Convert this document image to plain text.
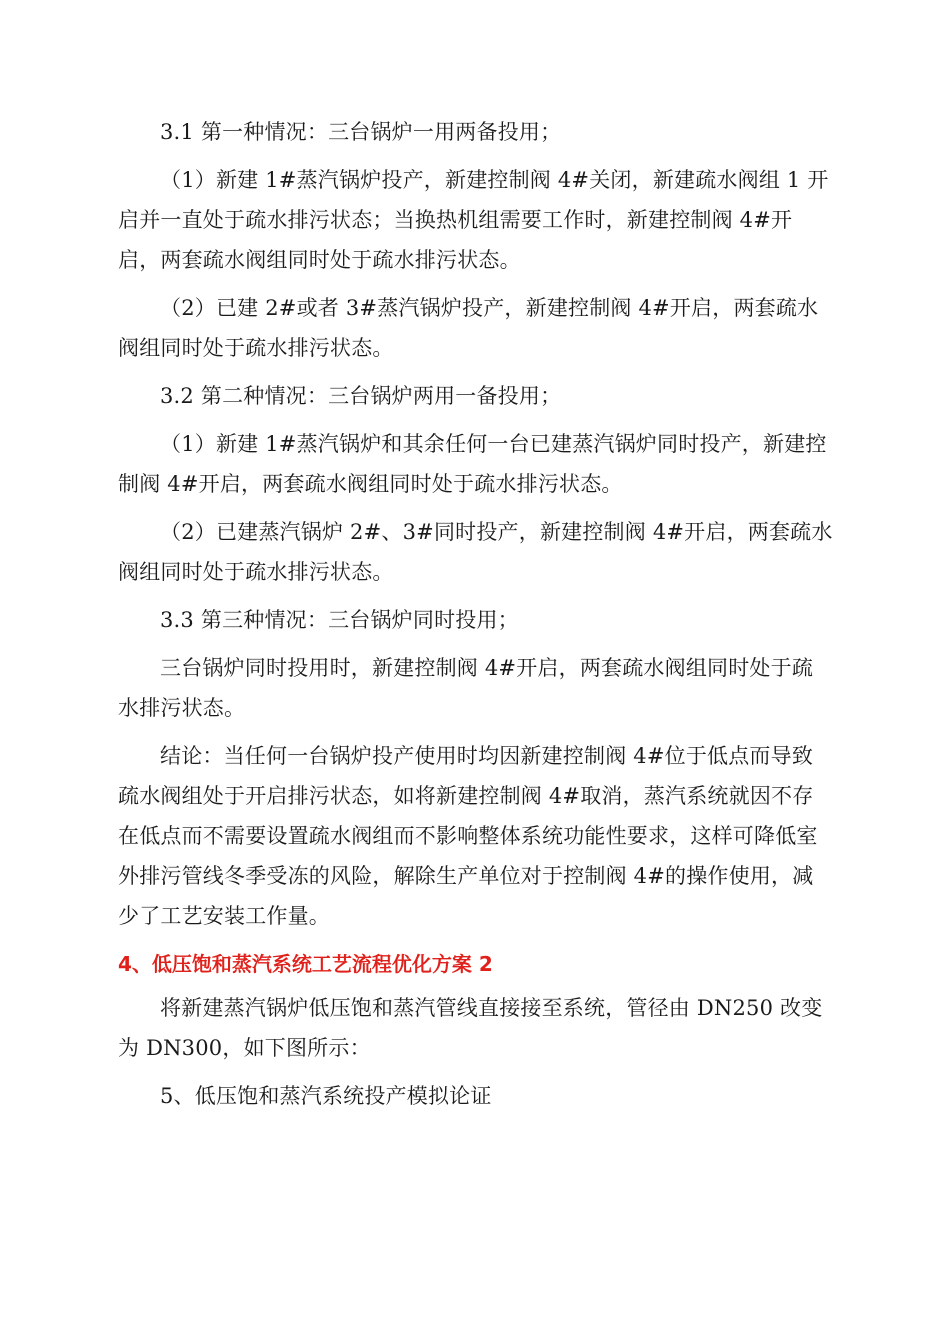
3.1 第一种情况：三台锅炉一用两备投用；

（1）新建 1#蒸汽锅炉投产，新建控制阀 4#关闭，新建疏水阀组 1 开启并一直处于疏水排污状态；当换热机组需要工作时，新建控制阀 4#开启，两套疏水阀组同时处于疏水排污状态。

（2）已建 2#或者 3#蒸汽锅炉投产，新建控制阀 4#开启，两套疏水阀组同时处于疏水排污状态。

3.2 第二种情况：三台锅炉两用一备投用；

（1）新建 1#蒸汽锅炉和其余任何一台已建蒸汽锅炉同时投产，新建控制阀 4#开启，两套疏水阀组同时处于疏水排污状态。

（2）已建蒸汽锅炉 2#、3#同时投产，新建控制阀 4#开启，两套疏水阀组同时处于疏水排污状态。

3.3 第三种情况：三台锅炉同时投用；

三台锅炉同时投用时，新建控制阀 4#开启，两套疏水阀组同时处于疏水排污状态。

结论：当任何一台锅炉投产使用时均因新建控制阀 4#位于低点而导致疏水阀组处于开启排污状态，如将新建控制阀 4#取消，蒸汽系统就因不存在低点而不需要设置疏水阀组而不影响整体系统功能性要求，这样可降低室外排污管线冬季受冻的风险，解除生产单位对于控制阀 4#的操作使用，减少了工艺安装工作量。

4、低压饱和蒸汽系统工艺流程优化方案 2

将新建蒸汽锅炉低压饱和蒸汽管线直接接至系统，管径由 DN250 改变为 DN300，如下图所示：

5、低压饱和蒸汽系统投产模拟论证
